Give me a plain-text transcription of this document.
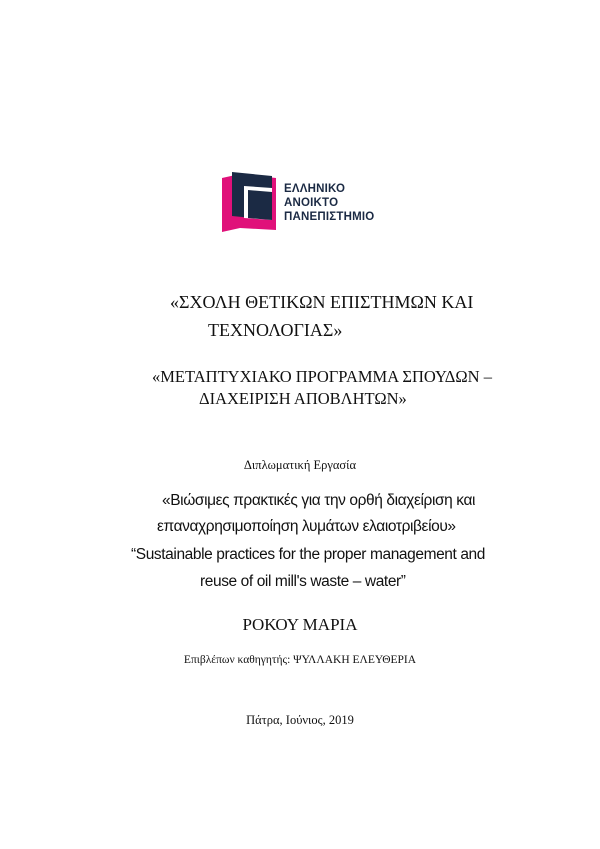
ΕΛΛΗΝΙΚΟ
ΑΝΟΙΚΤΟ
ΠΑΝΕΠΙΣΤΗΜΙΟ
«ΣΧΟΛΗ ΘΕΤΙΚΩΝ ΕΠΙΣΤΗΜΩΝ ΚΑΙ
ΤΕΧΝΟΛΟΓΙΑΣ»
«ΜΕΤΑΠΤΥΧΙΑΚΟ ΠΡΟΓΡΑΜΜΑ ΣΠΟΥΔΩΝ –
ΔΙΑΧΕΙΡΙΣΗ ΑΠΟΒΛΗΤΩΝ»
Διπλωματική Εργασία
«Βιώσιμες πρακτικές για την ορθή διαχείριση και
επαναχρησιμοποίηση λυμάτων ελαιοτριβείου»
“Sustainable practices for the proper management and
reuse of oil mill's waste – water”
ΡΟΚΟΥ ΜΑΡΙΑ
Επιβλέπων καθηγητής: ΨΥΛΛΑΚΗ ΕΛΕΥΘΕΡΙΑ
Πάτρα, Ιούνιος, 2019
